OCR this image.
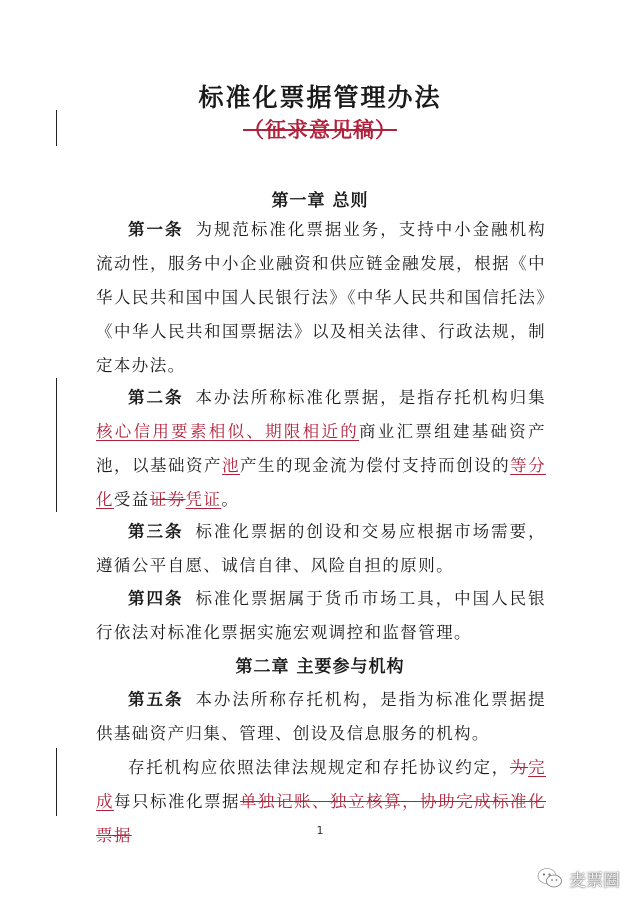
标准化票据管理办法
（征求意见稿）
第一章 总则
第一条 为规范标准化票据业务，支持中小金融机构流动性，服务中小企业融资和供应链金融发展，根据《中华人民共和国中国人民银行法》《中华人民共和国信托法》《中华人民共和国票据法》以及相关法律、行政法规，制定本办法。
第二条 本办法所称标准化票据，是指存托机构归集核心信用要素相似、期限相近的商业汇票组建基础资产池，以基础资产池产生的现金流为偿付支持而创设的等分化受益证券凭证。
第三条 标准化票据的创设和交易应根据市场需要，遵循公平自愿、诚信自律、风险自担的原则。
第四条 标准化票据属于货币市场工具，中国人民银行依法对标准化票据实施宏观调控和监督管理。
第二章 主要参与机构
第五条 本办法所称存托机构，是指为标准化票据提供基础资产归集、管理、创设及信息服务的机构。
存托机构应依照法律法规规定和存托协议约定，为完成每只标准化票据单独记账、独立核算，协助完成标准化票据	1
麦票圈
